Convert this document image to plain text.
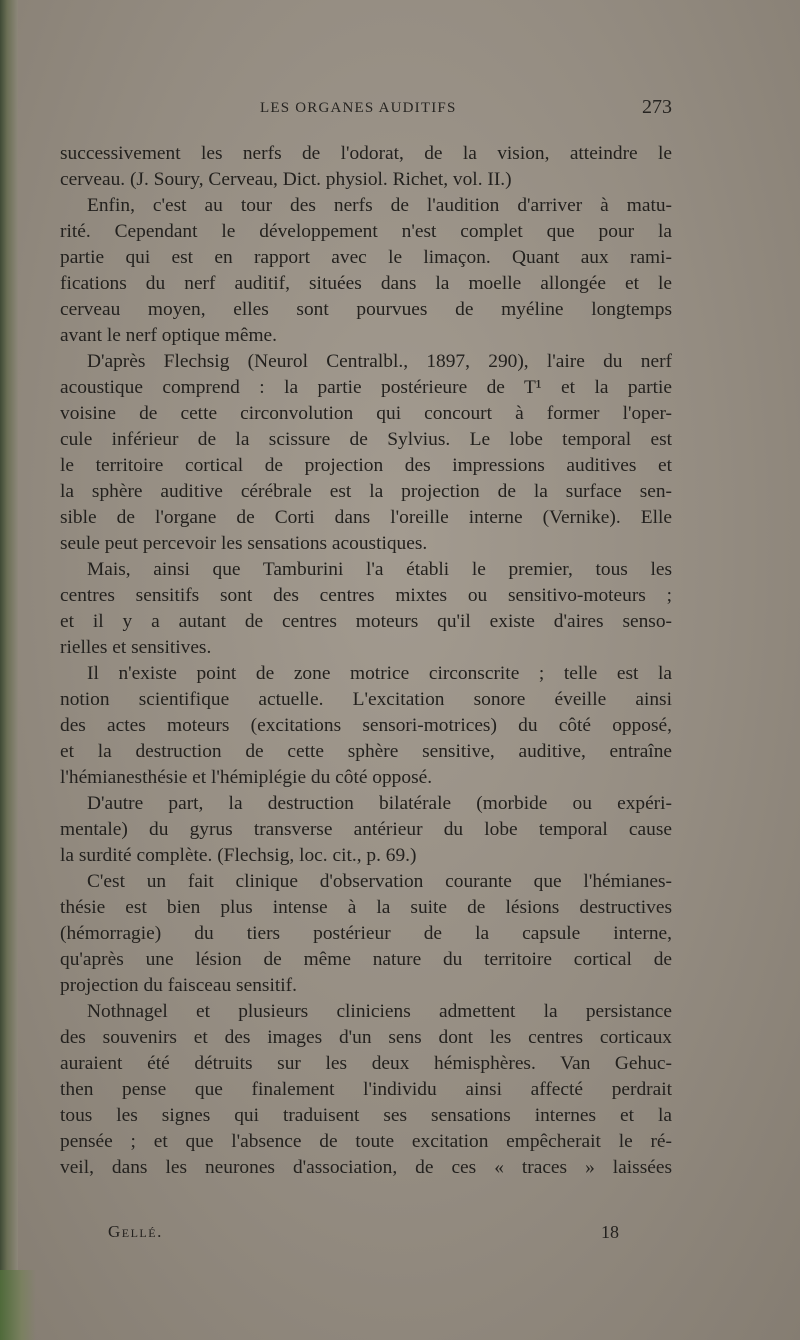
LES ORGANES AUDITIFS	273
successivement les nerfs de l'odorat, de la vision, atteindre le
cerveau. (J. Soury, Cerveau, Dict. physiol. Richet, vol. II.)
Enfin, c'est au tour des nerfs de l'audition d'arriver à matu-
rité. Cependant le développement n'est complet que pour la
partie qui est en rapport avec le limaçon. Quant aux rami-
fications du nerf auditif, situées dans la moelle allongée et le
cerveau moyen, elles sont pourvues de myéline longtemps
avant le nerf optique même.
D'après Flechsig (Neurol Centralbl., 1897, 290), l'aire du nerf
acoustique comprend : la partie postérieure de T¹ et la partie
voisine de cette circonvolution qui concourt à former l'oper-
cule inférieur de la scissure de Sylvius. Le lobe temporal est
le territoire cortical de projection des impressions auditives et
la sphère auditive cérébrale est la projection de la surface sen-
sible de l'organe de Corti dans l'oreille interne (Vernike). Elle
seule peut percevoir les sensations acoustiques.
Mais, ainsi que Tamburini l'a établi le premier, tous les
centres sensitifs sont des centres mixtes ou sensitivo-moteurs ;
et il y a autant de centres moteurs qu'il existe d'aires senso-
rielles et sensitives.
Il n'existe point de zone motrice circonscrite ; telle est la
notion scientifique actuelle. L'excitation sonore éveille ainsi
des actes moteurs (excitations sensori-motrices) du côté opposé,
et la destruction de cette sphère sensitive, auditive, entraîne
l'hémianesthésie et l'hémiplégie du côté opposé.
D'autre part, la destruction bilatérale (morbide ou expéri-
mentale) du gyrus transverse antérieur du lobe temporal cause
la surdité complète. (Flechsig, loc. cit., p. 69.)
C'est un fait clinique d'observation courante que l'hémianes-
thésie est bien plus intense à la suite de lésions destructives
(hémorragie) du tiers postérieur de la capsule interne,
qu'après une lésion de même nature du territoire cortical de
projection du faisceau sensitif.
Nothnagel et plusieurs cliniciens admettent la persistance
des souvenirs et des images d'un sens dont les centres corticaux
auraient été détruits sur les deux hémisphères. Van Gehuc-
then pense que finalement l'individu ainsi affecté perdrait
tous les signes qui traduisent ses sensations internes et la
pensée ; et que l'absence de toute excitation empêcherait le ré-
veil, dans les neurones d'association, de ces « traces » laissées
Gellé.	18
